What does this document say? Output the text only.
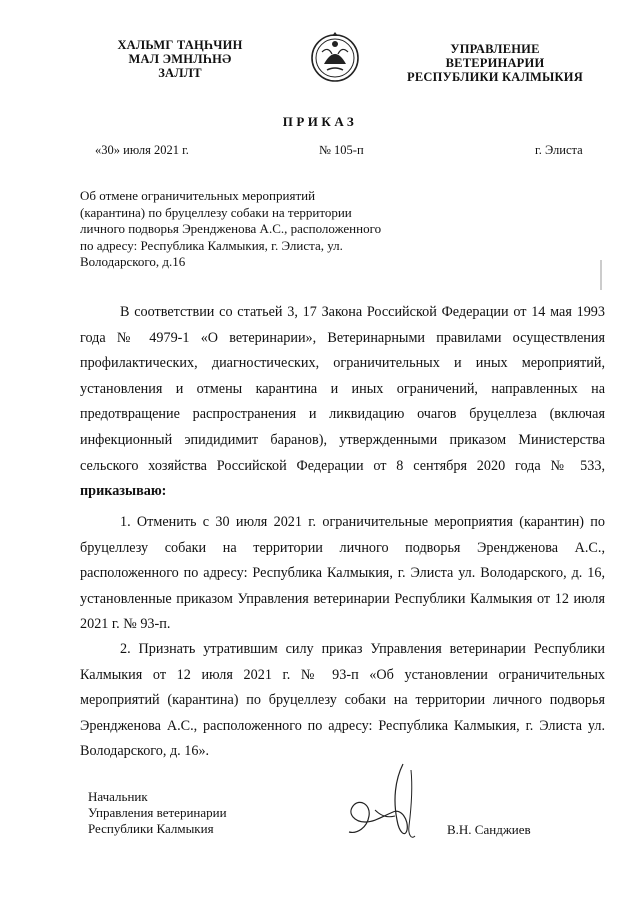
ХАЛЬМГ ТАҢҺЧИН
МАЛ ЭМНЛҺНӘ
ЗАЛЛТ
УПРАВЛЕНИЕ
ВЕТЕРИНАРИИ
РЕСПУБЛИКИ КАЛМЫКИЯ
ПРИКАЗ
«30» июля 2021 г.	№ 105-п	г. Элиста
Об отмене ограничительных мероприятий
(карантина) по бруцеллезу собаки на территории
личного подворья Эрендженова А.С., расположенного
по адресу: Республика Калмыкия, г. Элиста, ул.
Володарского, д.16
В соответствии со статьей 3, 17 Закона Российской Федерации от 14 мая 1993 года № 4979-1 «О ветеринарии», Ветеринарными правилами осуществления профилактических, диагностических, ограничительных и иных мероприятий, установления и отмены карантина и иных ограничений, направленных на предотвращение распространения и ликвидацию очагов бруцеллеза (включая инфекционный эпидидимит баранов), утвержденными приказом Министерства сельского хозяйства Российской Федерации от 8 сентября 2020 года № 533, приказываю:
1. Отменить с 30 июля 2021 г. ограничительные мероприятия (карантин) по бруцеллезу собаки на территории личного подворья Эрендженова А.С., расположенного по адресу: Республика Калмыкия, г. Элиста ул. Володарского, д. 16, установленные приказом Управления ветеринарии Республики Калмыкия от 12 июля 2021 г. № 93-п.
2. Признать утратившим силу приказ Управления ветеринарии Республики Калмыкия от 12 июля 2021 г. № 93-п «Об установлении ограничительных мероприятий (карантина) по бруцеллезу собаки на территории личного подворья Эрендженова А.С., расположенного по адресу: Республика Калмыкия, г. Элиста ул. Володарского, д. 16».
Начальник
Управления ветеринарии
Республики Калмыкия	В.Н. Санджиев
